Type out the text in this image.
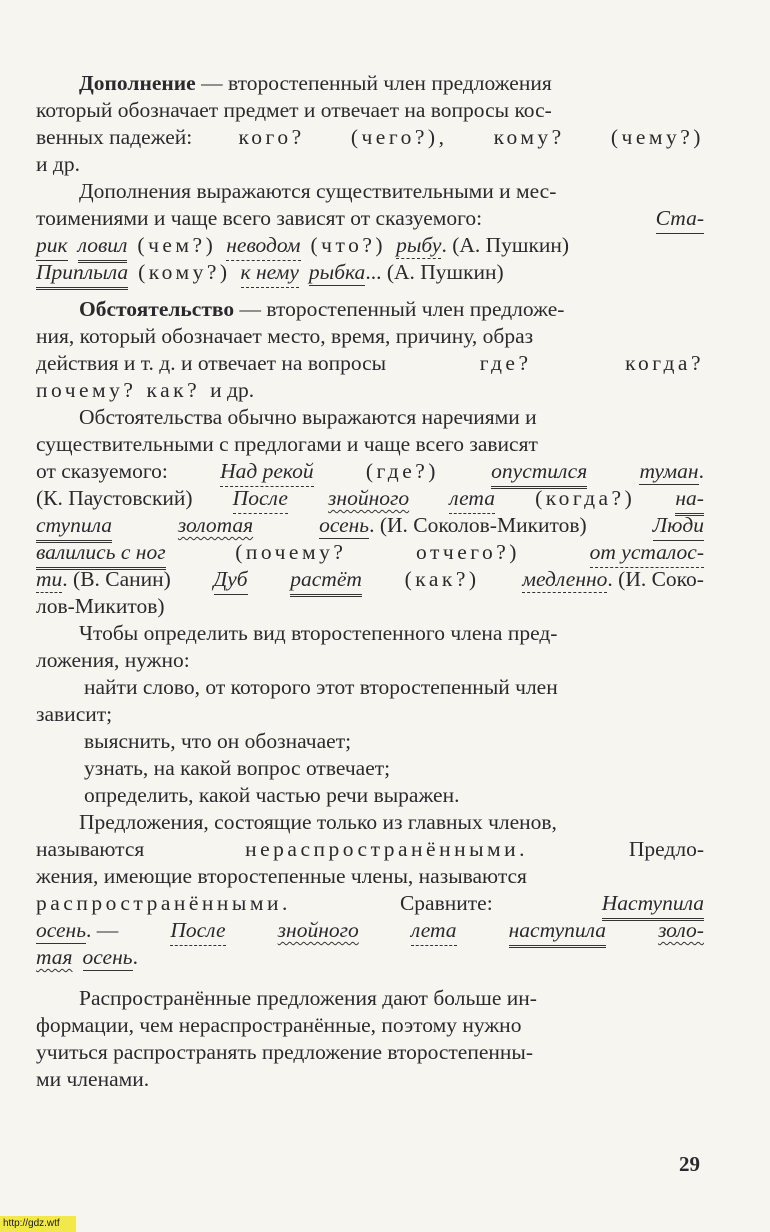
Дополнение — второстепенный член предложения
который обозначает предмет и отвечает на вопросы кос-
венных падежей: кого? (чего?), кому? (чему?)
и др.
Дополнения выражаются существительными и мес-
тоимениями и чаще всего зависят от сказуемого:	Ста-
рик ловил (чем?) неводом (что?) рыбу. (А. Пушкин)
Приплыла (кому?) к нему рыбка... (А. Пушкин)
Обстоятельство — второстепенный член предложе-
ния, который обозначает место, время, причину, образ
действия и т. д. и отвечает на вопросы	где?	когда?
почему? как? и др.
Обстоятельства обычно выражаются наречиями и
существительными с предлогами и чаще всего зависят
от сказуемого: Над рекой (где?) опустился туман.
(К. Паустовский) После знойного лета (когда?) на-
ступила	золотая	осень. (И. Соколов-Микитов)	Люди
валились с ног	(почему?	отчего?)	от усталос-
ти. (В. Санин) Дуб растёт (как?) медленно. (И. Соко-
лов-Микитов)
Чтобы определить вид второстепенного члена пред-
ложения, нужно:
найти слово, от которого этот второстепенный член
зависит;
выяснить, что он обозначает;
узнать, на какой вопрос отвечает;
определить, какой частью речи выражен.
Предложения, состоящие только из главных членов,
называются	нераспространёнными.	Предло-
жения, имеющие второстепенные члены, называются
распространёнными.	Сравните:	Наступила
осень. — После знойного лета наступила золо-
тая осень.
Распространённые предложения дают больше ин-
формации, чем нераспространённые, поэтому нужно
учиться распространять предложение второстепенны-
ми членами.
29
http://gdz.wtf
